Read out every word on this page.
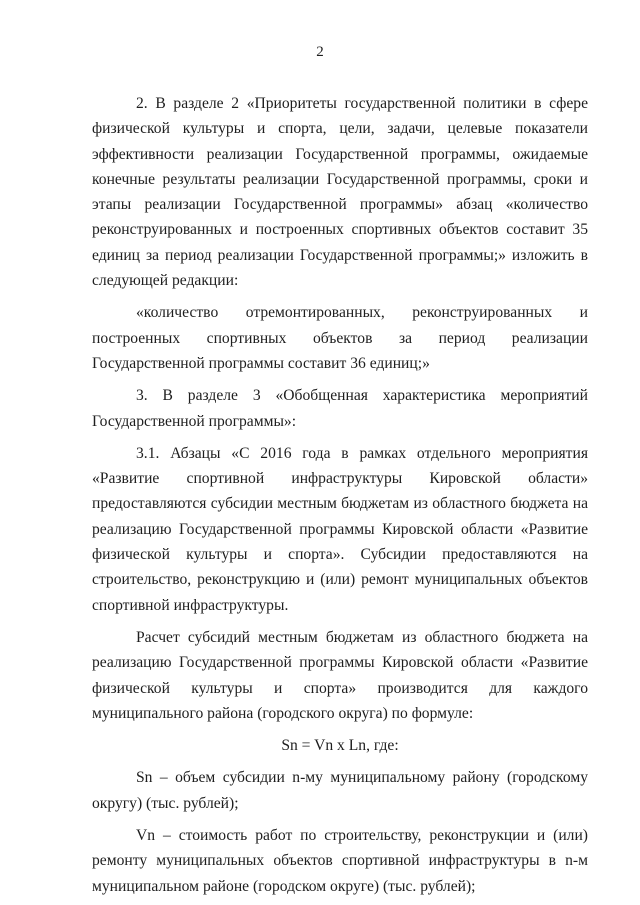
2

2. В разделе 2 «Приоритеты государственной политики в сфере физической культуры и спорта, цели, задачи, целевые показатели эффективности реализации Государственной программы, ожидаемые конечные результаты реализации Государственной программы, сроки и этапы реализации Государственной программы» абзац «количество реконструированных и построенных спортивных объектов составит 35 единиц за период реализации Государственной программы;» изложить в следующей редакции:

«количество отремонтированных, реконструированных и построенных спортивных объектов за период реализации Государственной программы составит 36 единиц;»

3. В разделе 3 «Обобщенная характеристика мероприятий Государственной программы»:

3.1. Абзацы «С 2016 года в рамках отдельного мероприятия «Развитие спортивной инфраструктуры Кировской области» предоставляются субсидии местным бюджетам из областного бюджета на реализацию Государственной программы Кировской области «Развитие физической культуры и спорта». Субсидии предоставляются на строительство, реконструкцию и (или) ремонт муниципальных объектов спортивной инфраструктуры.

Расчет субсидий местным бюджетам из областного бюджета на реализацию Государственной программы Кировской области «Развитие физической культуры и спорта» производится для каждого муниципального района (городского округа) по формуле:

Sn = Vn x Ln, где:

Sn – объем субсидии n-му муниципальному району (городскому округу) (тыс. рублей);

Vn – стоимость работ по строительству, реконструкции и (или) ремонту муниципальных объектов спортивной инфраструктуры в n-м муниципальном районе (городском округе) (тыс. рублей);
